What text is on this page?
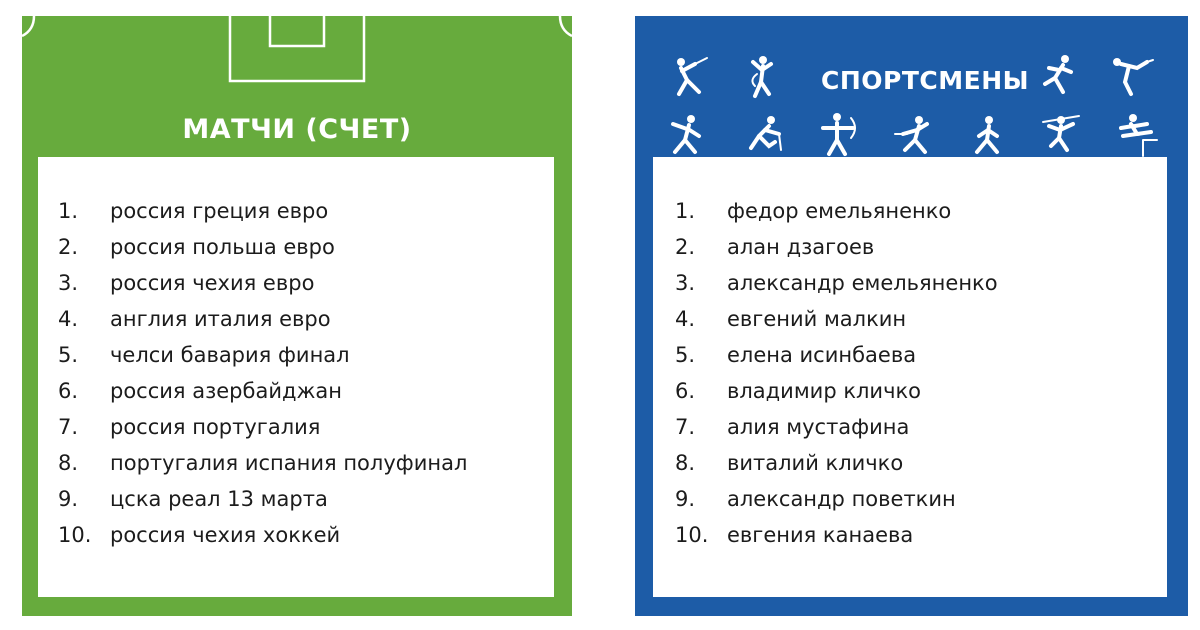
МАТЧИ (СЧЕТ)
1.	россия греция евро
2.	россия польша евро
3.	россия чехия евро
4.	англия италия евро
5.	челси бавария финал
6.	россия азербайджан
7.	россия португалия
8.	португалия испания полуфинал
9.	цска реал 13 марта
10. россия чехия хоккей
СПОРТСМЕНЫ
1.	федор емельяненко
2.	алан дзагоев
3.	александр емельяненко
4.	евгений малкин
5.	елена исинбаева
6.	владимир кличко
7.	алия мустафина
8.	виталий кличко
9.	александр поветкин
10. евгения канаева
